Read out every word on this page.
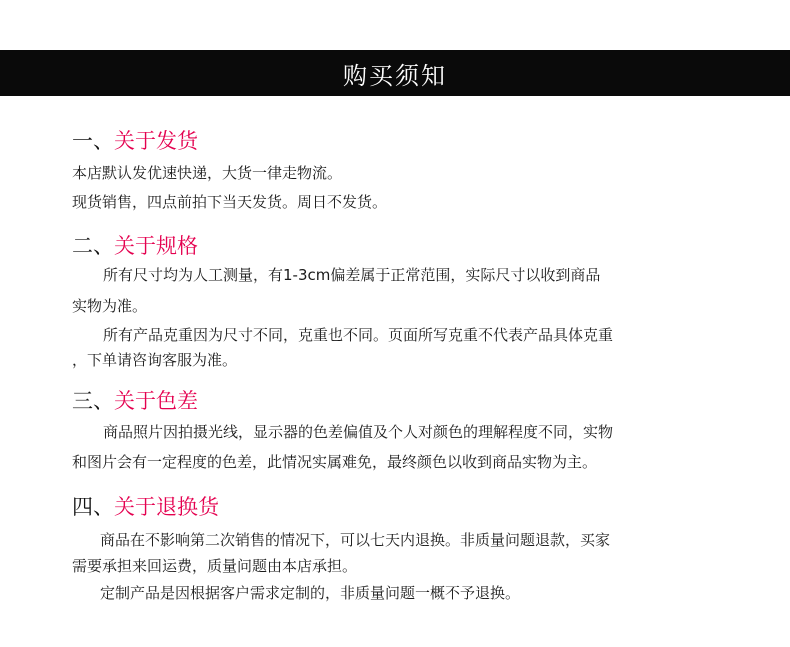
购买须知
一、关于发货
本店默认发优速快递，大货一律走物流。
现货销售，四点前拍下当天发货。周日不发货。
二、关于规格
所有尺寸均为人工测量，有1-3cm偏差属于正常范围，实际尺寸以收到商品
实物为准。
所有产品克重因为尺寸不同，克重也不同。页面所写克重不代表产品具体克重
，下单请咨询客服为准。
三、关于色差
商品照片因拍摄光线，显示器的色差偏值及个人对颜色的理解程度不同，实物
和图片会有一定程度的色差，此情况实属难免，最终颜色以收到商品实物为主。
四、关于退换货
商品在不影响第二次销售的情况下，可以七天内退换。非质量问题退款，买家
需要承担来回运费，质量问题由本店承担。
定制产品是因根据客户需求定制的，非质量问题一概不予退换。
